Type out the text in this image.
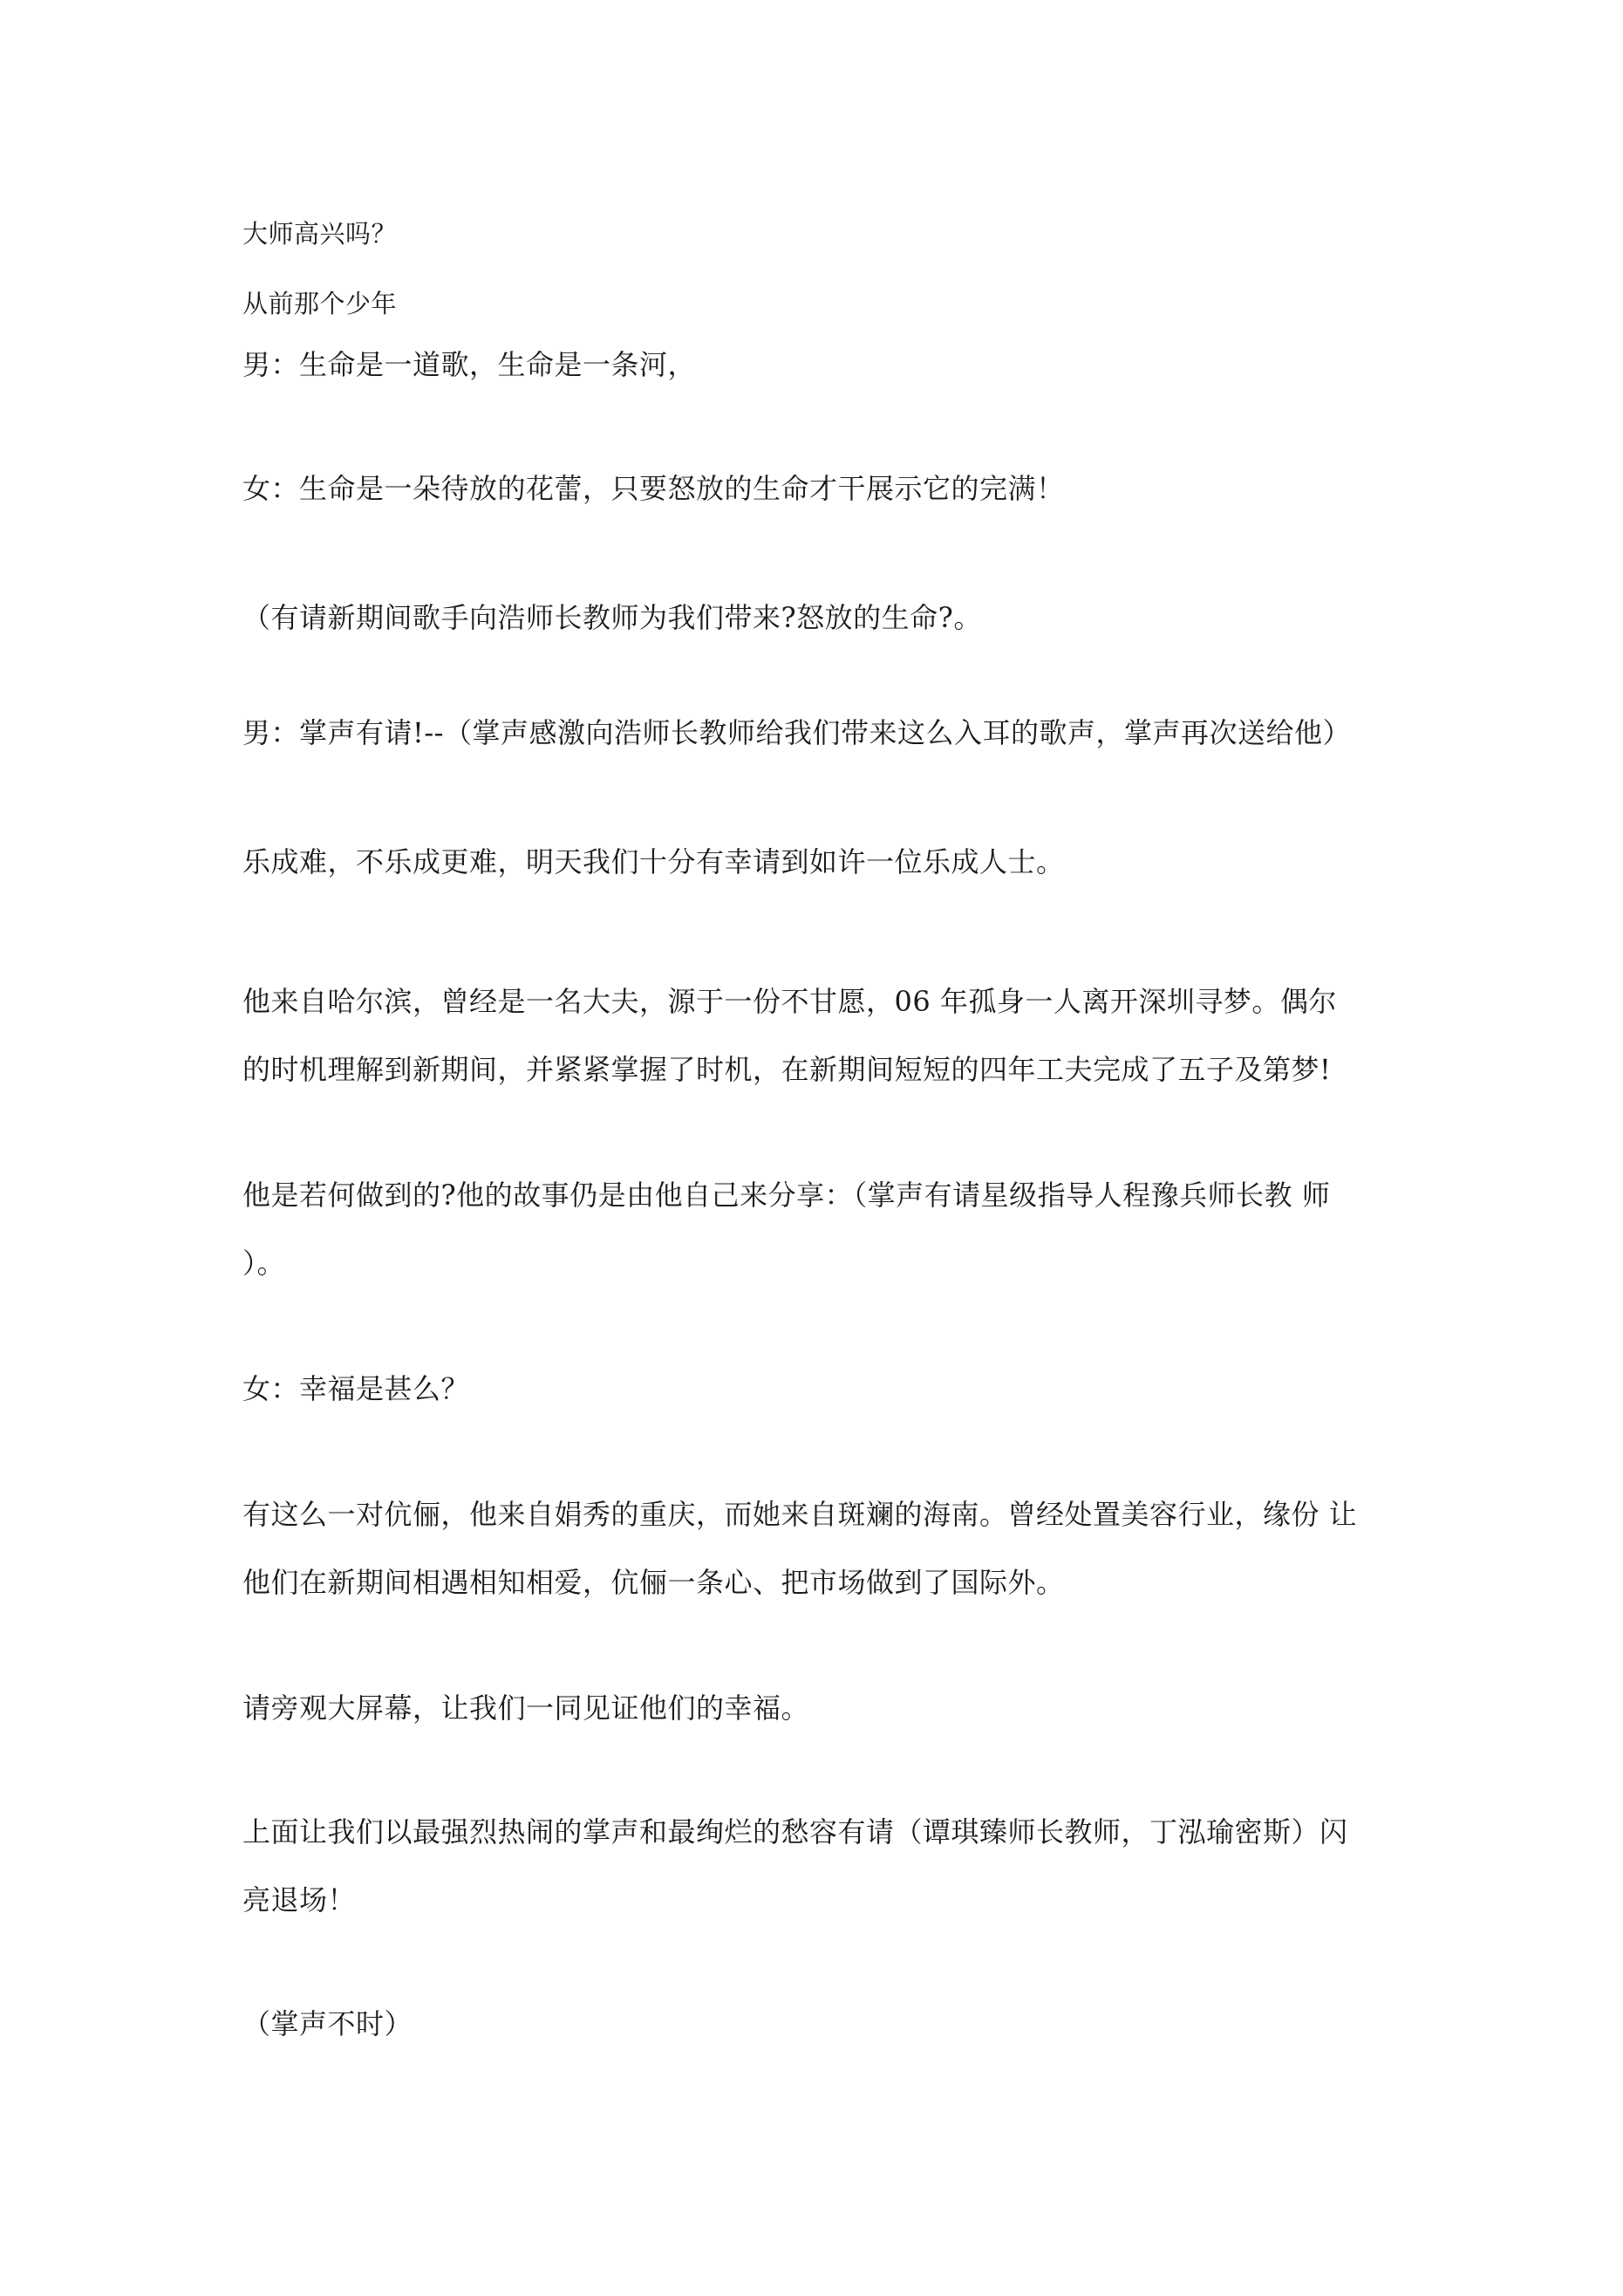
大师高兴吗？

从前那个少年

男：生命是一道歌，生命是一条河，

女：生命是一朵待放的花蕾，只要怒放的生命才干展示它的完满！

（有请新期间歌手向浩师长教师为我们带来?怒放的生命?。

男：掌声有请!--（掌声感激向浩师长教师给我们带来这么入耳的歌声，掌声再次送给他）

乐成难，不乐成更难，明天我们十分有幸请到如许一位乐成人士。

他来自哈尔滨，曾经是一名大夫，源于一份不甘愿，06 年孤身一人离开深圳寻梦。偶尔

的时机理解到新期间，并紧紧掌握了时机，在新期间短短的四年工夫完成了五子及第梦!

他是若何做到的?他的故事仍是由他自己来分享：（掌声有请星级指导人程豫兵师长教 师

）。

女：幸福是甚么？

有这么一对伉俪，他来自娟秀的重庆，而她来自斑斓的海南。曾经处置美容行业，缘份 让

他们在新期间相遇相知相爱，伉俪一条心、把市场做到了国际外。

请旁观大屏幕，让我们一同见证他们的幸福。

上面让我们以最强烈热闹的掌声和最绚烂的愁容有请（谭琪臻师长教师，丁泓瑜密斯）闪

亮退场！

（掌声不时）
